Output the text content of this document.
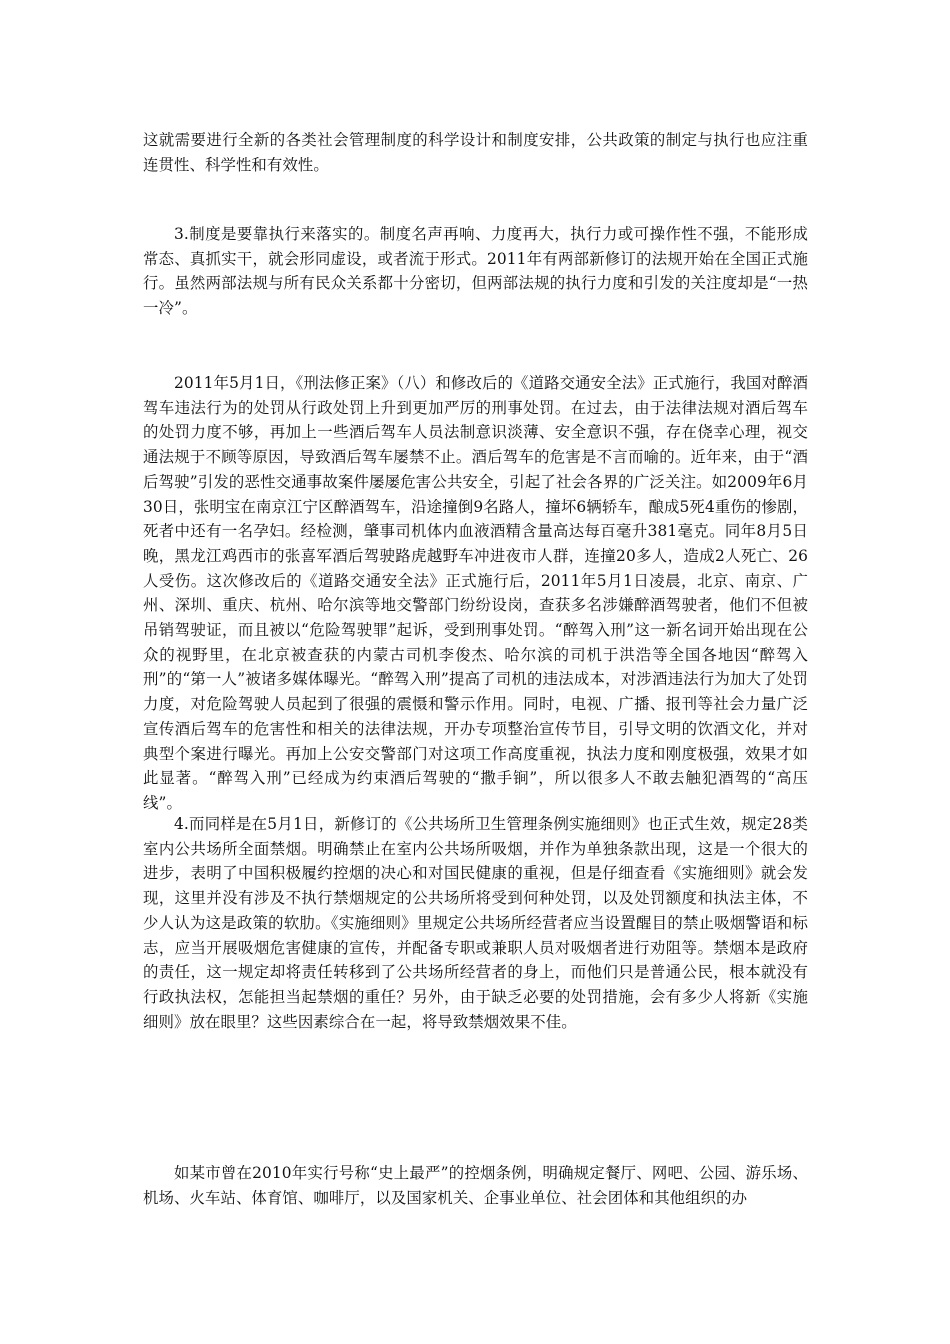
这就需要进行全新的各类社会管理制度的科学设计和制度安排，公共政策的制定与执行也应注重连贯性、科学性和有效性。

3.制度是要靠执行来落实的。制度名声再响、力度再大，执行力或可操作性不强，不能形成常态、真抓实干，就会形同虚设，或者流于形式。2011年有两部新修订的法规开始在全国正式施行。虽然两部法规与所有民众关系都十分密切，但两部法规的执行力度和引发的关注度却是“一热一冷”。

2011年5月1日，《刑法修正案》（八）和修改后的《道路交通安全法》正式施行，我国对醉酒驾车违法行为的处罚从行政处罚上升到更加严厉的刑事处罚。在过去，由于法律法规对酒后驾车的处罚力度不够，再加上一些酒后驾车人员法制意识淡薄、安全意识不强，存在侥幸心理，视交通法规于不顾等原因，导致酒后驾车屡禁不止。酒后驾车的危害是不言而喻的。近年来，由于“酒后驾驶”引发的恶性交通事故案件屡屡危害公共安全，引起了社会各界的广泛关注。如2009年6月30日，张明宝在南京江宁区醉酒驾车，沿途撞倒9名路人，撞坏6辆轿车，酿成5死4重伤的惨剧，死者中还有一名孕妇。经检测，肇事司机体内血液酒精含量高达每百毫升381毫克。同年8月5日晚，黑龙江鸡西市的张喜军酒后驾驶路虎越野车冲进夜市人群，连撞20多人，造成2人死亡、26人受伤。这次修改后的《道路交通安全法》正式施行后，2011年5月1日凌晨，北京、南京、广州、深圳、重庆、杭州、哈尔滨等地交警部门纷纷设岗，查获多名涉嫌醉酒驾驶者，他们不但被吊销驾驶证，而且被以“危险驾驶罪”起诉，受到刑事处罚。“醉驾入刑”这一新名词开始出现在公众的视野里，在北京被查获的内蒙古司机李俊杰、哈尔滨的司机于洪浩等全国各地因“醉驾入刑”的“第一人”被诸多媒体曝光。“醉驾入刑”提高了司机的违法成本，对涉酒违法行为加大了处罚力度，对危险驾驶人员起到了很强的震慑和警示作用。同时，电视、广播、报刊等社会力量广泛宣传酒后驾车的危害性和相关的法律法规，开办专项整治宣传节目，引导文明的饮酒文化，并对典型个案进行曝光。再加上公安交警部门对这项工作高度重视，执法力度和刚度极强，效果才如此显著。“醉驾入刑”已经成为约束酒后驾驶的“撒手锏”，所以很多人不敢去触犯酒驾的“高压线”。

4.而同样是在5月1日，新修订的《公共场所卫生管理条例实施细则》也正式生效，规定28类室内公共场所全面禁烟。明确禁止在室内公共场所吸烟，并作为单独条款出现，这是一个很大的进步，表明了中国积极履约控烟的决心和对国民健康的重视，但是仔细查看《实施细则》就会发现，这里并没有涉及不执行禁烟规定的公共场所将受到何种处罚，以及处罚额度和执法主体，不少人认为这是政策的软肋。《实施细则》里规定公共场所经营者应当设置醒目的禁止吸烟警语和标志，应当开展吸烟危害健康的宣传，并配备专职或兼职人员对吸烟者进行劝阻等。禁烟本是政府的责任，这一规定却将责任转移到了公共场所经营者的身上，而他们只是普通公民，根本就没有行政执法权，怎能担当起禁烟的重任？另外，由于缺乏必要的处罚措施，会有多少人将新《实施细则》放在眼里？这些因素综合在一起，将导致禁烟效果不佳。

如某市曾在2010年实行号称“史上最严”的控烟条例，明确规定餐厅、网吧、公园、游乐场、机场、火车站、体育馆、咖啡厅，以及国家机关、企事业单位、社会团体和其他组织的办
